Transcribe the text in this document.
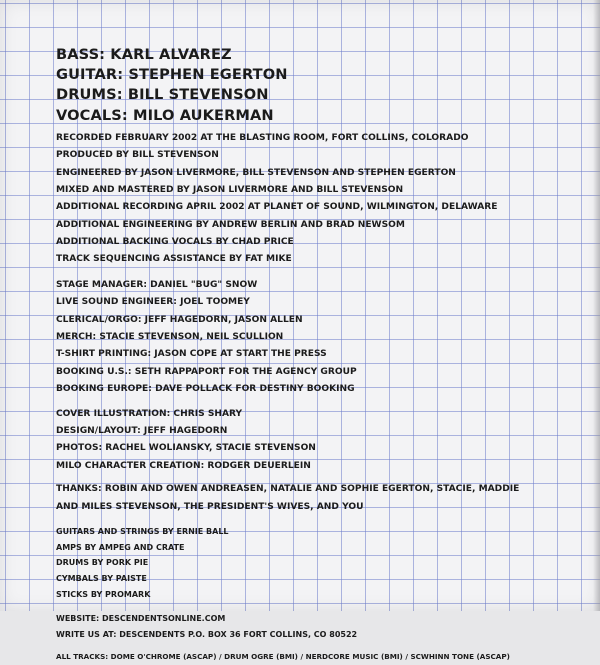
BASS: KARL ALVAREZ
GUITAR: STEPHEN EGERTON
DRUMS: BILL STEVENSON
VOCALS: MILO AUKERMAN
RECORDED FEBRUARY 2002 AT THE BLASTING ROOM, FORT COLLINS, COLORADO
PRODUCED BY BILL STEVENSON
ENGINEERED BY JASON LIVERMORE, BILL STEVENSON AND STEPHEN EGERTON
MIXED AND MASTERED BY JASON LIVERMORE AND BILL STEVENSON
ADDITIONAL RECORDING APRIL 2002 AT PLANET OF SOUND, WILMINGTON, DELAWARE
ADDITIONAL ENGINEERING BY ANDREW BERLIN AND BRAD NEWSOM
ADDITIONAL BACKING VOCALS BY CHAD PRICE
TRACK SEQUENCING ASSISTANCE BY FAT MIKE
STAGE MANAGER: DANIEL "BUG" SNOW
LIVE SOUND ENGINEER: JOEL TOOMEY
CLERICAL/ORGO: JEFF HAGEDORN, JASON ALLEN
MERCH: STACIE STEVENSON, NEIL SCULLION
T-SHIRT PRINTING: JASON COPE AT START THE PRESS
BOOKING U.S.: SETH RAPPAPORT FOR THE AGENCY GROUP
BOOKING EUROPE: DAVE POLLACK FOR DESTINY BOOKING
COVER ILLUSTRATION: CHRIS SHARY
DESIGN/LAYOUT: JEFF HAGEDORN
PHOTOS: RACHEL WOLIANSKY, STACIE STEVENSON
MILO CHARACTER CREATION: RODGER DEUERLEIN
THANKS: ROBIN AND OWEN ANDREASEN, NATALIE AND SOPHIE EGERTON, STACIE, MADDIE
AND MILES STEVENSON, THE PRESIDENT'S WIVES, AND YOU
GUITARS AND STRINGS BY ERNIE BALL
AMPS BY AMPEG AND CRATE
DRUMS BY PORK PIE
CYMBALS BY PAISTE
STICKS BY PROMARK
WEBSITE: DESCENDENTSONLINE.COM
WRITE US AT: DESCENDENTS P.O. BOX 36 FORT COLLINS, CO 80522
ALL TRACKS: DOME O'CHROME (ASCAP) / DRUM OGRE (BMI) / NERDCORE MUSIC (BMI) / SCWHINN TONE (ASCAP)
